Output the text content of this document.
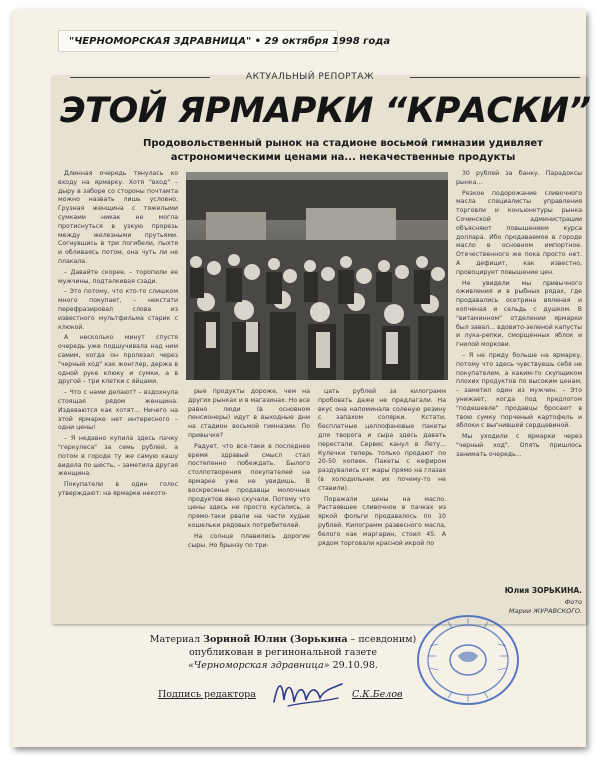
"ЧЕРНОМОРСКАЯ ЗДРАВНИЦА" • 29 октября 1998 года
АКТУАЛЬНЫЙ РЕПОРТАЖ
ЭТОЙ ЯРМАРКИ “КРАСКИ”
Продовольственный рынок на стадионе восьмой гимназии удивляет астрономическими ценами на... некачественные продукты

Длинная очередь тянулась ко входу на ярмарку. Хотя "вход" – дыру в заборе со стороны почтамта можно назвать лишь условно. Грузная женщина с тяжелыми сумками никак не могла протиснуться в узкую прорезь между железными прутьями. Согнувшись в три погибели, пыхтя и обливаясь потом, она чуть ли не плакала.

– Давайте скорее, – торопили ее мужчины, подталкивая сзади.

– Это потому, что кто-то слишком много покупает, – некстати перефразировал слова из известного мультфильма старик с клюкой.

А несколько минут спустя очередь уже подшучивала над ним самим, когда он пролезал через "черный ход" как жонглер, держа в одной руке клюку и сумки, а в другой – три клетки с яйцами.

– Что с нами делают? – вздохнула стоящая рядом женщина. Издеваются как хотят... Ничего на этой ярмарке нет интересного – одни цены!

– Я недавно купила здесь пачку "геркулеса" за семь рублей, а потом в городе ту же самую кашу видела по шесть, – заметила другая женщина.

Покупатели в один голос утверждают: на ярмарке некото-

рые продукты дороже, чем на других рынках и в магазинах. Но все равно люди (в основном пенсионеры) идут в выходные дни на стадион восьмой гимназии. По привычке?

Радует, что все-таки в последнее время здравый смысл стал постепенно побеждать. Былого столпотворения покупателей на ярмарке уже не увидишь. В воскресенье продавцы молочных продуктов явно скучали. Потому что цены здесь не просто кусались, а прямо-таки рвали на части худые кошельки рядовых потребителей.

На солнце плавились дорогие сыры. Но брынзу по три-

цать рублей за килограмм пробовать даже не предлагали. На вкус она напоминала соленую резину с запахом солярки. Кстати, бесплатные целлофановые пакеты для творога и сыра здесь давать перестали. Сервис канул в Лету... Кулечки теперь только продают по 20-50 копеек. Пакеты с кефиром раздувались от жары прямо на глазах (в холодильник их почему-то не ставили).

Поражали цены на масло. Растаявшее сливочное в пачках из яркой фольги продавалось по 10 рублей. Килограмм развесного масла, белого как маргарин, стоил 45. А рядом торговали красной икрой по

30 рублей за банку. Парадоксы рынка...

Резкое подорожание сливочного масла специалисты управления торговли и конъюнктуры рынка Сочинской администрации объясняют повышением курса доллара. Ибо продаваемое в городе масло в основном импортное. Отечественного же пока просто нет. А дефицит, как известно, провоцирует повышение цен.

Не увидели мы привычного оживления и в рыбных рядах, где продавались осетрина вяленая и копченая и сельдь с душком. В "витаминном" отделении ярмарки был завал... вдовито-зеленой капусты и лука-репки, сморщенных яблок и гнилой моркови.

– Я не приду больше на ярмарку, потому что здесь чувствуешь себя не покупателем, а каким-то скупщиком плохих продуктов по высоким ценам, – заметил один из мужчин. – Это унижает, когда под предлогом "подешевле" продавцы бросают в твою сумку порченый картофель и яблоки с выгнившей сердцевиной.

Мы уходили с ярмарки через "черный ход". Опять пришлось занимать очередь...

Юлия ЗОРЬКИНА.
Фото
Марии ЖУРАВСКОГО.
Материал Зориной Юлии (Зорькина – псевдоним)
опубликован в регинональной газете
«Черноморская здравница» 29.10.98.
Подпись редактора	С.К.Белов
